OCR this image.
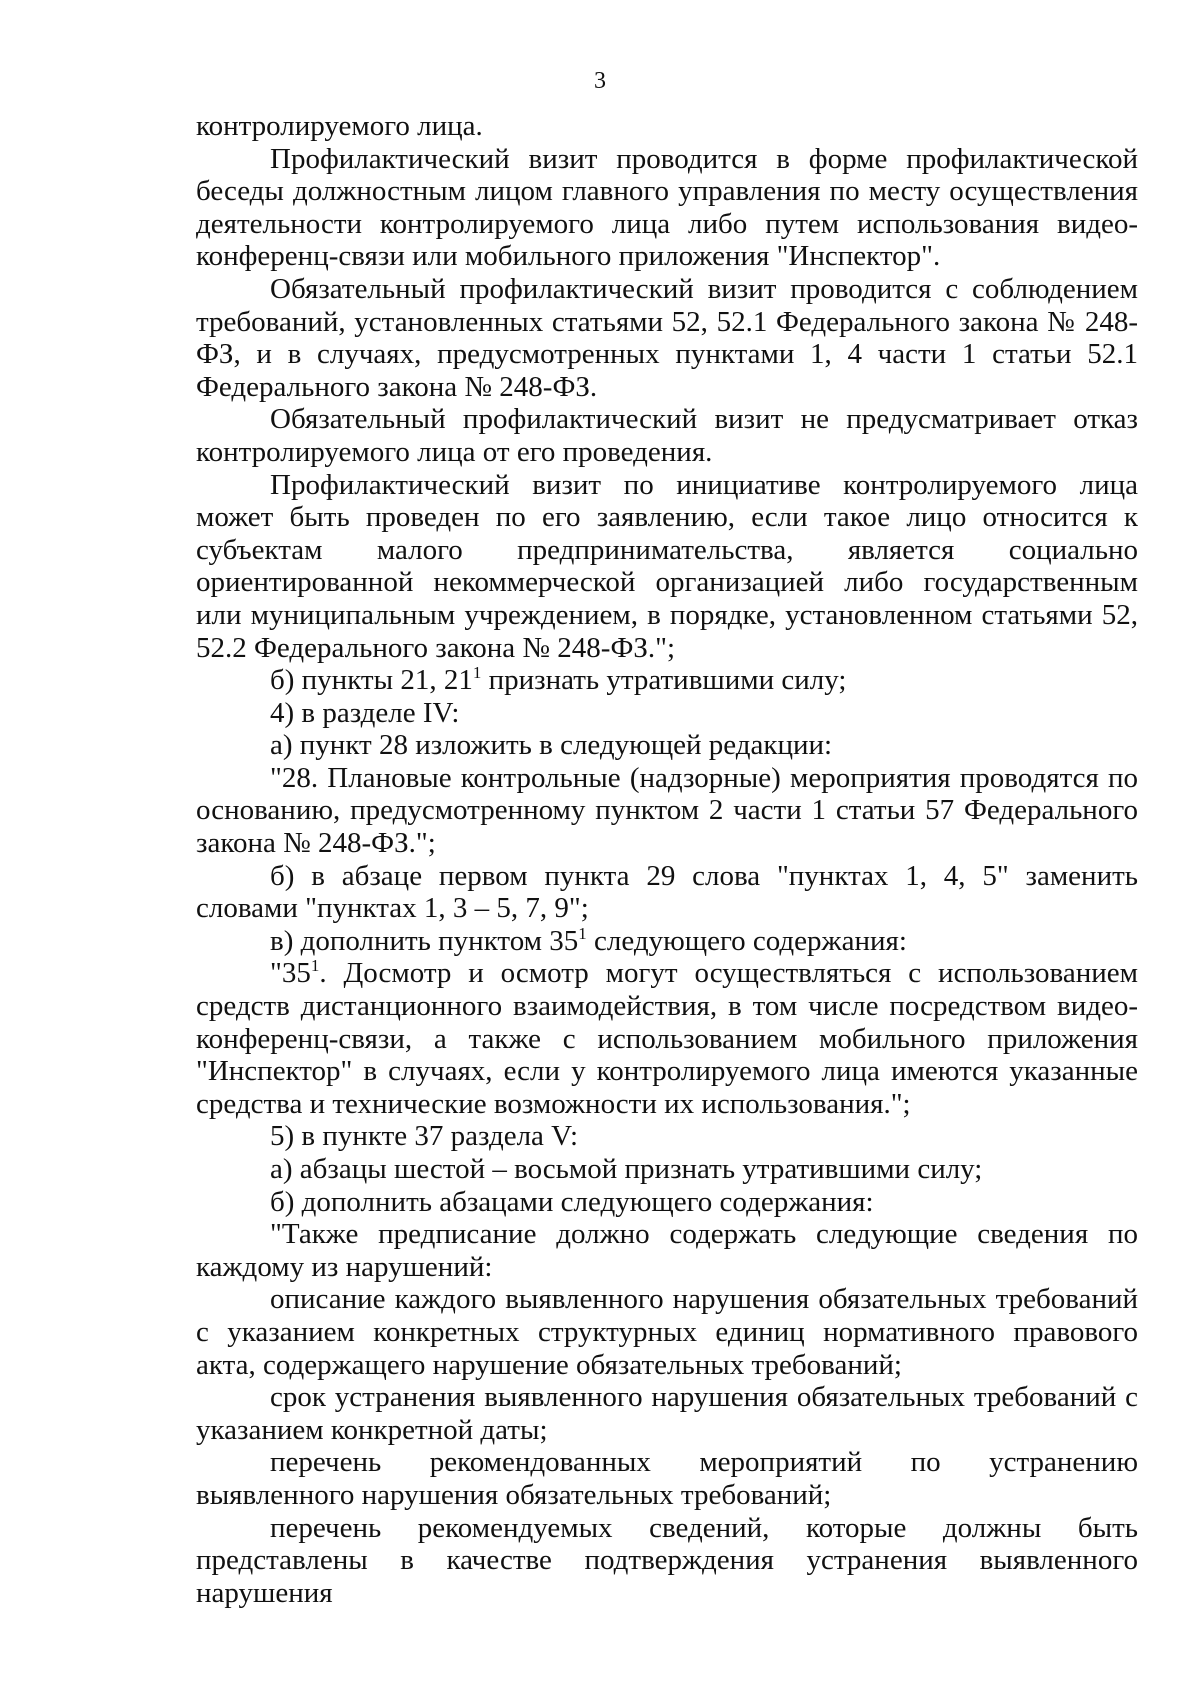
3

контролируемого лица.

Профилактический визит проводится в форме профилактической беседы должностным лицом главного управления по месту осуществления деятельности контролируемого лица либо путем использования видео-конференц-связи или мобильного приложения "Инспектор".

Обязательный профилактический визит проводится с соблюдением требований, установленных статьями 52, 52.1 Федерального закона № 248-ФЗ, и в случаях, предусмотренных пунктами 1, 4 части 1 статьи 52.1 Федерального закона № 248-ФЗ.

Обязательный профилактический визит не предусматривает отказ контролируемого лица от его проведения.

Профилактический визит по инициативе контролируемого лица может быть проведен по его заявлению, если такое лицо относится к субъектам малого предпринимательства, является социально ориентированной некоммерческой организацией либо государственным или муниципальным учреждением, в порядке, установленном статьями 52, 52.2 Федерального закона № 248-ФЗ.";

б) пункты 21, $21^1$ признать утратившими силу;

4) в разделе IV:

а) пункт 28 изложить в следующей редакции:

"28. Плановые контрольные (надзорные) мероприятия проводятся по основанию, предусмотренному пунктом 2 части 1 статьи 57 Федерального закона № 248-ФЗ.";

б) в абзаце первом пункта 29 слова "пунктах 1, 4, 5" заменить словами "пунктах 1, 3 – 5, 7, 9";

в) дополнить пунктом $35^1$ следующего содержания:

"$35^1$. Досмотр и осмотр могут осуществляться с использованием средств дистанционного взаимодействия, в том числе посредством видео-конференц-связи, а также с использованием мобильного приложения "Инспектор" в случаях, если у контролируемого лица имеются указанные средства и технические возможности их использования.";

5) в пункте 37 раздела V:

а) абзацы шестой – восьмой признать утратившими силу;

б) дополнить абзацами следующего содержания:

"Также предписание должно содержать следующие сведения по каждому из нарушений:

описание каждого выявленного нарушения обязательных требований с указанием конкретных структурных единиц нормативного правового акта, содержащего нарушение обязательных требований;

срок устранения выявленного нарушения обязательных требований с указанием конкретной даты;

перечень рекомендованных мероприятий по устранению выявленного нарушения обязательных требований;

перечень рекомендуемых сведений, которые должны быть представлены в качестве подтверждения устранения выявленного нарушения
